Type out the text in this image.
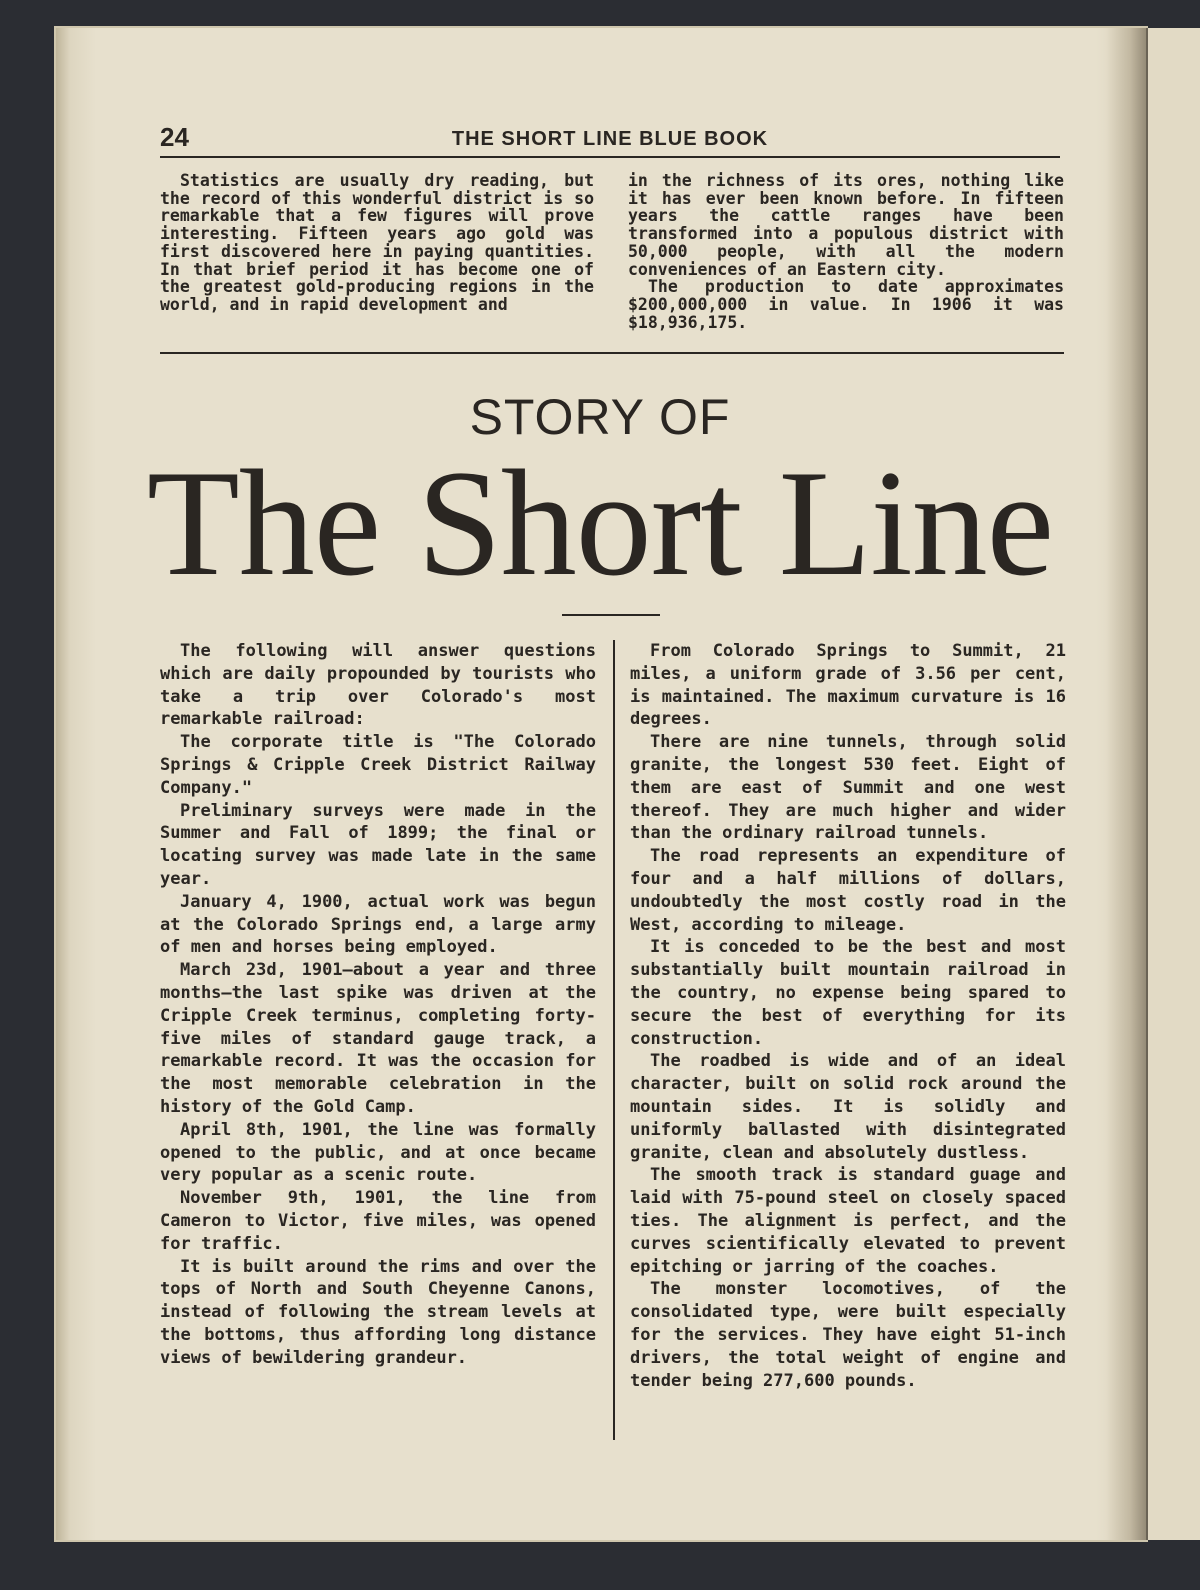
24	THE SHORT LINE BLUE BOOK

Statistics are usually dry reading, but the record of this wonderful district is so remarkable that a few figures will prove interesting. Fifteen years ago gold was first discovered here in paying quantities. In that brief period it has become one of the greatest gold-producing regions in the world, and in rapid development and

in the richness of its ores, nothing like it has ever been known before. In fifteen years the cattle ranges have been transformed into a populous district with 50,000 people, with all the modern conveniences of an Eastern city.

The production to date approximates $200,000,000 in value. In 1906 it was $18,936,175.

STORY OF
The Short Line

The following will answer questions which are daily propounded by tourists who take a trip over Colorado's most remarkable railroad:

The corporate title is "The Colorado Springs & Cripple Creek District Railway Company."

Preliminary surveys were made in the Summer and Fall of 1899; the final or locating survey was made late in the same year.

January 4, 1900, actual work was begun at the Colorado Springs end, a large army of men and horses being employed.

March 23d, 1901—about a year and three months—the last spike was driven at the Cripple Creek terminus, completing forty-five miles of standard gauge track, a remarkable record. It was the occasion for the most memorable celebration in the history of the Gold Camp.

April 8th, 1901, the line was formally opened to the public, and at once became very popular as a scenic route.

November 9th, 1901, the line from Cameron to Victor, five miles, was opened for traffic.

It is built around the rims and over the tops of North and South Cheyenne Canons, instead of following the stream levels at the bottoms, thus affording long distance views of bewildering grandeur.

From Colorado Springs to Summit, 21 miles, a uniform grade of 3.56 per cent, is maintained. The maximum curvature is 16 degrees.

There are nine tunnels, through solid granite, the longest 530 feet. Eight of them are east of Summit and one west thereof. They are much higher and wider than the ordinary railroad tunnels.

The road represents an expenditure of four and a half millions of dollars, undoubtedly the most costly road in the West, according to mileage.

It is conceded to be the best and most substantially built mountain railroad in the country, no expense being spared to secure the best of everything for its construction.

The roadbed is wide and of an ideal character, built on solid rock around the mountain sides. It is solidly and uniformly ballasted with disintegrated granite, clean and absolutely dustless.

The smooth track is standard guage and laid with 75-pound steel on closely spaced ties. The alignment is perfect, and the curves scientifically elevated to prevent epitching or jarring of the coaches.

The monster locomotives, of the consolidated type, were built especially for the services. They have eight 51-inch drivers, the total weight of engine and tender being 277,600 pounds.
